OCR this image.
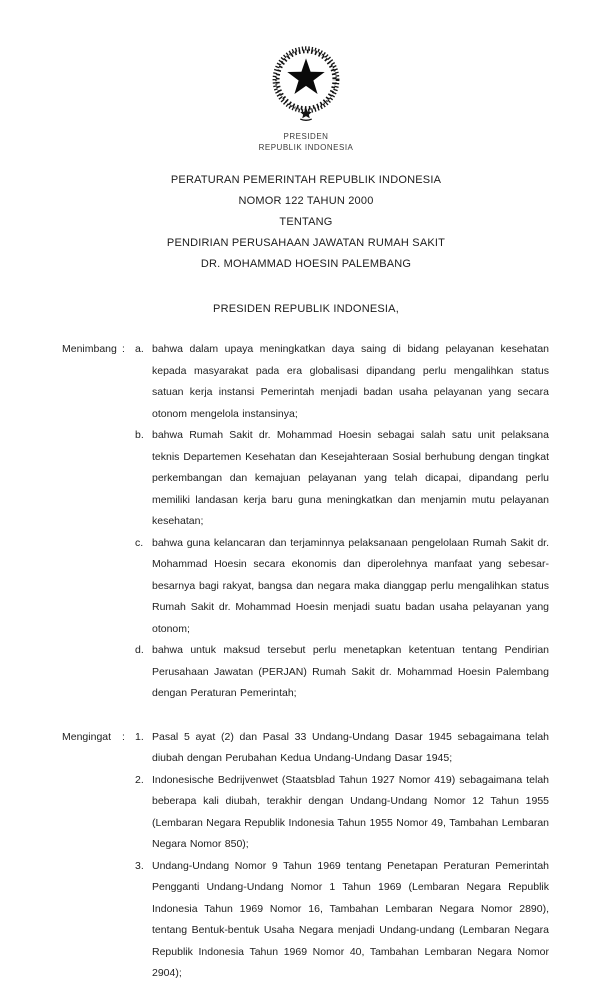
PRESIDEN
REPUBLIK INDONESIA
PERATURAN PEMERINTAH REPUBLIK INDONESIA
NOMOR 122 TAHUN 2000
TENTANG
PENDIRIAN PERUSAHAAN JAWATAN RUMAH SAKIT
DR. MOHAMMAD HOESIN PALEMBANG
PRESIDEN REPUBLIK INDONESIA,
Menimbang : a. bahwa dalam upaya meningkatkan daya saing di bidang pelayanan kesehatan kepada masyarakat pada era globalisasi dipandang perlu mengalihkan status satuan kerja instansi Pemerintah menjadi badan usaha pelayanan yang secara otonom mengelola instansinya;
b. bahwa Rumah Sakit dr. Mohammad Hoesin sebagai salah satu unit pelaksana teknis Departemen Kesehatan dan Kesejahteraan Sosial berhubung dengan tingkat perkembangan dan kemajuan pelayanan yang telah dicapai, dipandang perlu memiliki landasan kerja baru guna meningkatkan dan menjamin mutu pelayanan kesehatan;
c. bahwa guna kelancaran dan terjaminnya pelaksanaan pengelolaan Rumah Sakit dr. Mohammad Hoesin secara ekonomis dan diperolehnya manfaat yang sebesar-besarnya bagi rakyat, bangsa dan negara maka dianggap perlu mengalihkan status Rumah Sakit dr. Mohammad Hoesin menjadi suatu badan usaha pelayanan yang otonom;
d. bahwa untuk maksud tersebut perlu menetapkan ketentuan tentang Pendirian Perusahaan Jawatan (PERJAN) Rumah Sakit dr. Mohammad Hoesin Palembang dengan Peraturan Pemerintah;
Mengingat	: 1. Pasal 5 ayat (2) dan Pasal 33 Undang-Undang Dasar 1945 sebagaimana telah diubah dengan Perubahan Kedua Undang-Undang Dasar 1945;
2. Indonesische Bedrijvenwet (Staatsblad Tahun 1927 Nomor 419) sebagaimana telah beberapa kali diubah, terakhir dengan Undang-Undang Nomor 12 Tahun 1955 (Lembaran Negara Republik Indonesia Tahun 1955 Nomor 49, Tambahan Lembaran Negara Nomor 850);
3. Undang-Undang Nomor 9 Tahun 1969 tentang Penetapan Peraturan Pemerintah Pengganti Undang-Undang Nomor 1 Tahun 1969 (Lembaran Negara Republik Indonesia Tahun 1969 Nomor 16, Tambahan Lembaran Negara Nomor 2890), tentang Bentuk-bentuk Usaha Negara menjadi Undang-undang (Lembaran Negara Republik Indonesia Tahun 1969 Nomor 40, Tambahan Lembaran Negara Nomor 2904);
